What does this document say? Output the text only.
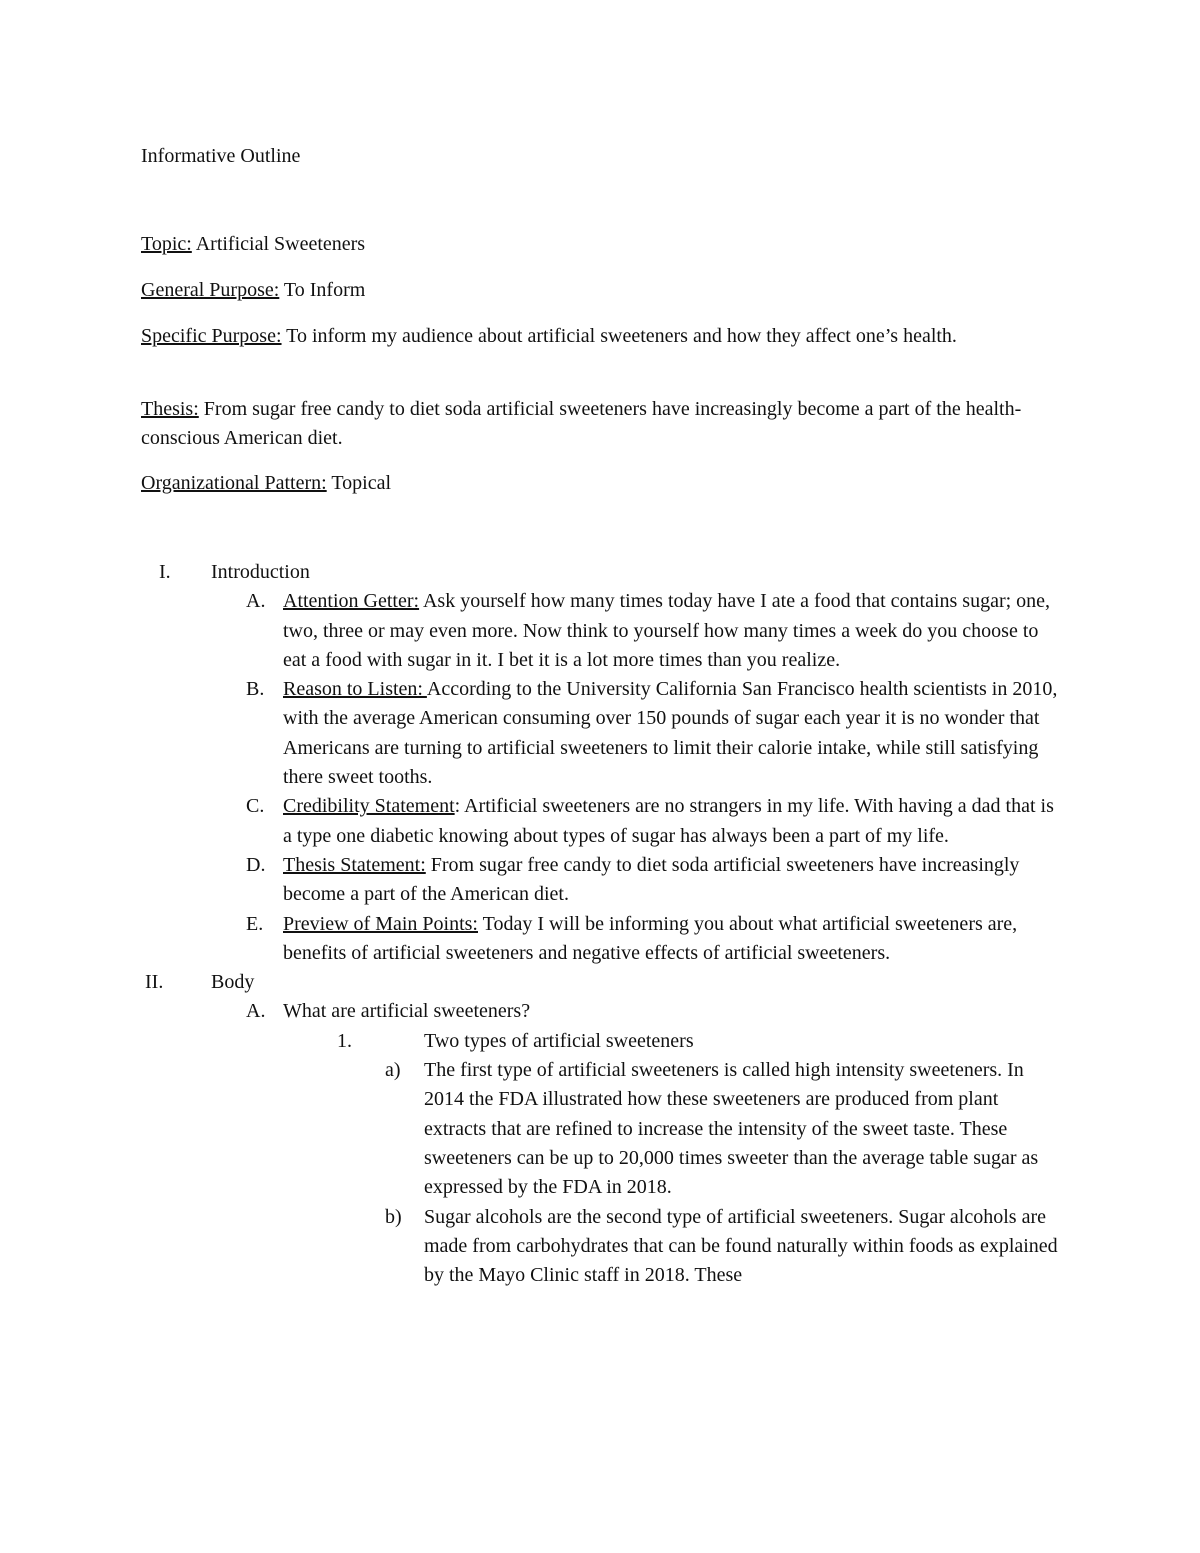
Informative Outline

Topic: Artificial Sweeteners

General Purpose: To Inform

Specific Purpose: To inform my audience about artificial sweeteners and how they affect one’s health.

Thesis: From sugar free candy to diet soda artificial sweeteners have increasingly become a part of the health-conscious American diet.

Organizational Pattern: Topical

I. Introduction
A. Attention Getter: Ask yourself how many times today have I ate a food that contains sugar; one, two, three or may even more. Now think to yourself how many times a week do you choose to eat a food with sugar in it. I bet it is a lot more times than you realize.
B. Reason to Listen: According to the University California San Francisco health scientists in 2010, with the average American consuming over 150 pounds of sugar each year it is no wonder that Americans are turning to artificial sweeteners to limit their calorie intake, while still satisfying there sweet tooths.
C. Credibility Statement: Artificial sweeteners are no strangers in my life. With having a dad that is a type one diabetic knowing about types of sugar has always been a part of my life.
D. Thesis Statement: From sugar free candy to diet soda artificial sweeteners have increasingly become a part of the American diet.
E. Preview of Main Points: Today I will be informing you about what artificial sweeteners are, benefits of artificial sweeteners and negative effects of artificial sweeteners.
II. Body
A. What are artificial sweeteners?
1.	Two types of artificial sweeteners
a) The first type of artificial sweeteners is called high intensity sweeteners. In 2014 the FDA illustrated how these sweeteners are produced from plant extracts that are refined to increase the intensity of the sweet taste. These sweeteners can be up to 20,000 times sweeter than the average table sugar as expressed by the FDA in 2018.
b) Sugar alcohols are the second type of artificial sweeteners. Sugar alcohols are made from carbohydrates that can be found naturally within foods as explained by the Mayo Clinic staff in 2018. These
